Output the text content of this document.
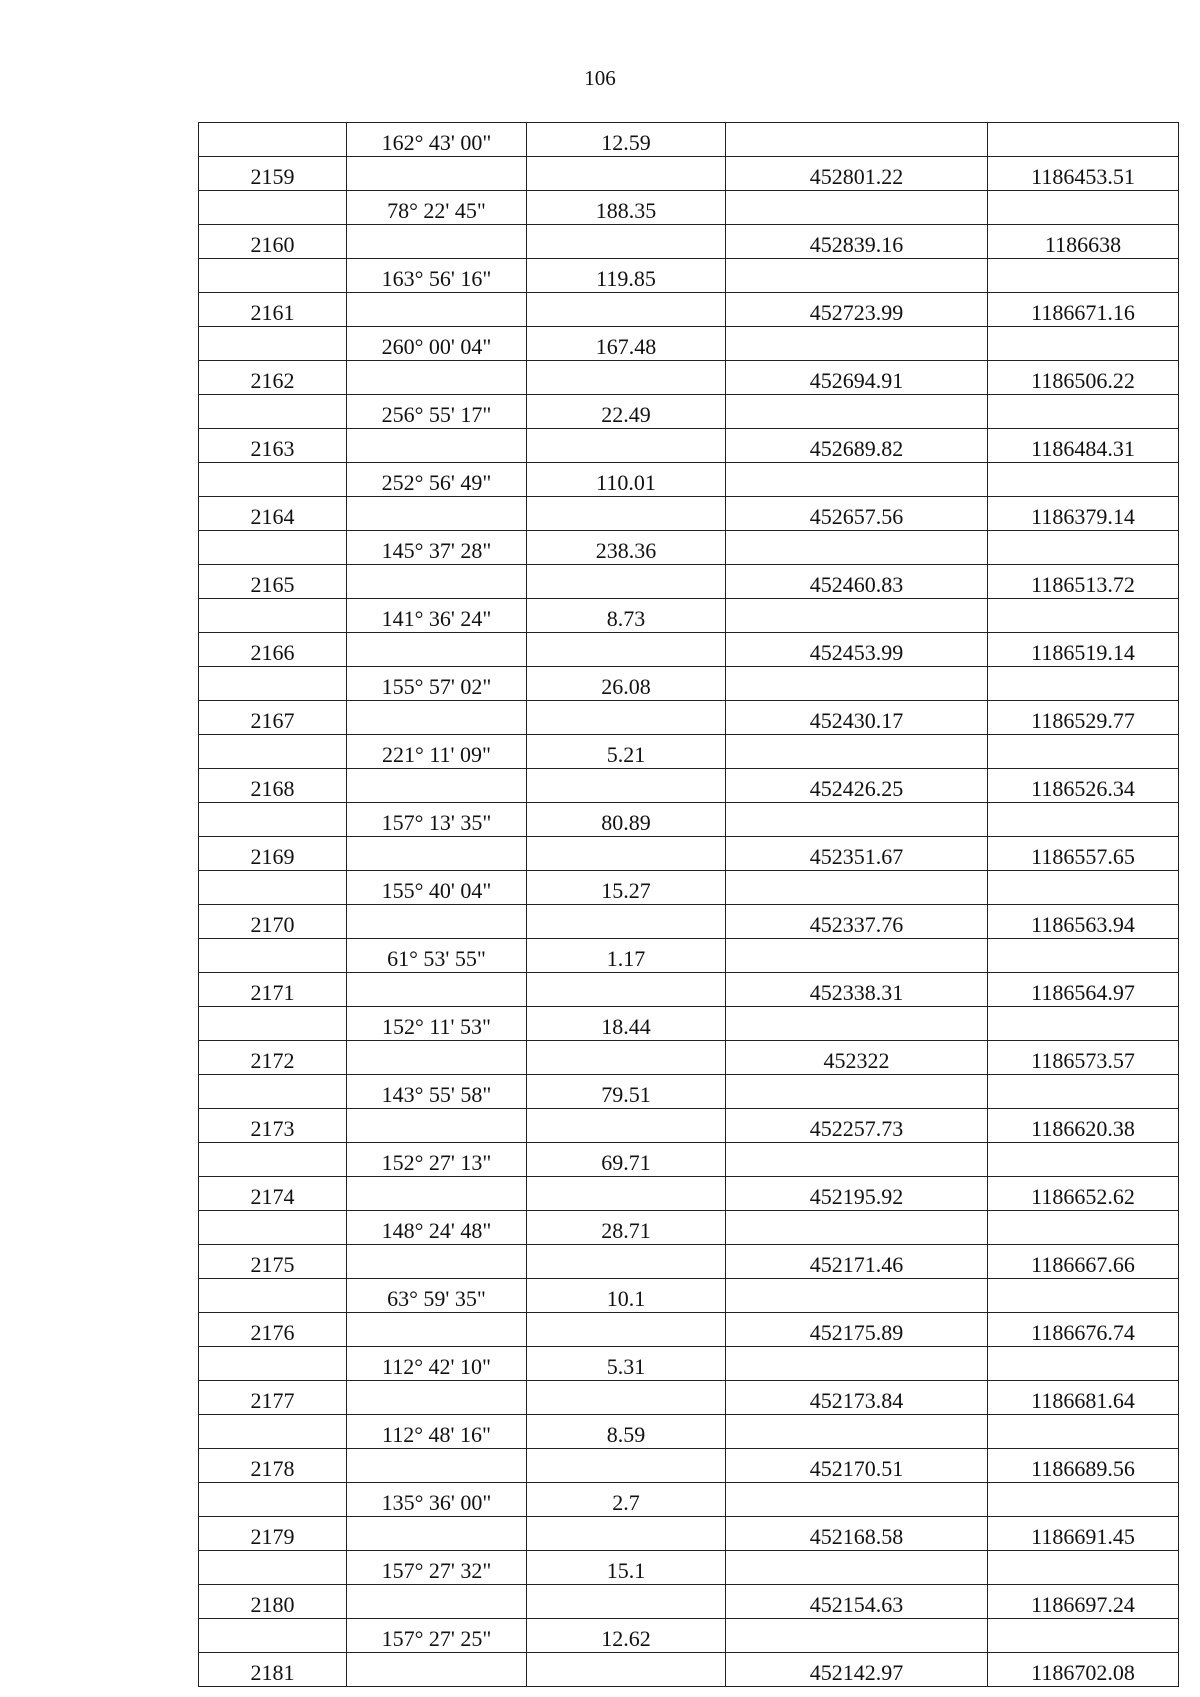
106
	162° 43' 00"	12.59		
2159			452801.22	1186453.51
	78° 22' 45"	188.35		
2160			452839.16	1186638
	163° 56' 16"	119.85		
2161			452723.99	1186671.16
	260° 00' 04"	167.48		
2162			452694.91	1186506.22
	256° 55' 17"	22.49		
2163			452689.82	1186484.31
	252° 56' 49"	110.01		
2164			452657.56	1186379.14
	145° 37' 28"	238.36		
2165			452460.83	1186513.72
	141° 36' 24"	8.73		
2166			452453.99	1186519.14
	155° 57' 02"	26.08		
2167			452430.17	1186529.77
	221° 11' 09"	5.21		
2168			452426.25	1186526.34
	157° 13' 35"	80.89		
2169			452351.67	1186557.65
	155° 40' 04"	15.27		
2170			452337.76	1186563.94
	61° 53' 55"	1.17		
2171			452338.31	1186564.97
	152° 11' 53"	18.44		
2172			452322	1186573.57
	143° 55' 58"	79.51		
2173			452257.73	1186620.38
	152° 27' 13"	69.71		
2174			452195.92	1186652.62
	148° 24' 48"	28.71		
2175			452171.46	1186667.66
	63° 59' 35"	10.1		
2176			452175.89	1186676.74
	112° 42' 10"	5.31		
2177			452173.84	1186681.64
	112° 48' 16"	8.59		
2178			452170.51	1186689.56
	135° 36' 00"	2.7		
2179			452168.58	1186691.45
	157° 27' 32"	15.1		
2180			452154.63	1186697.24
	157° 27' 25"	12.62		
2181			452142.97	1186702.08
